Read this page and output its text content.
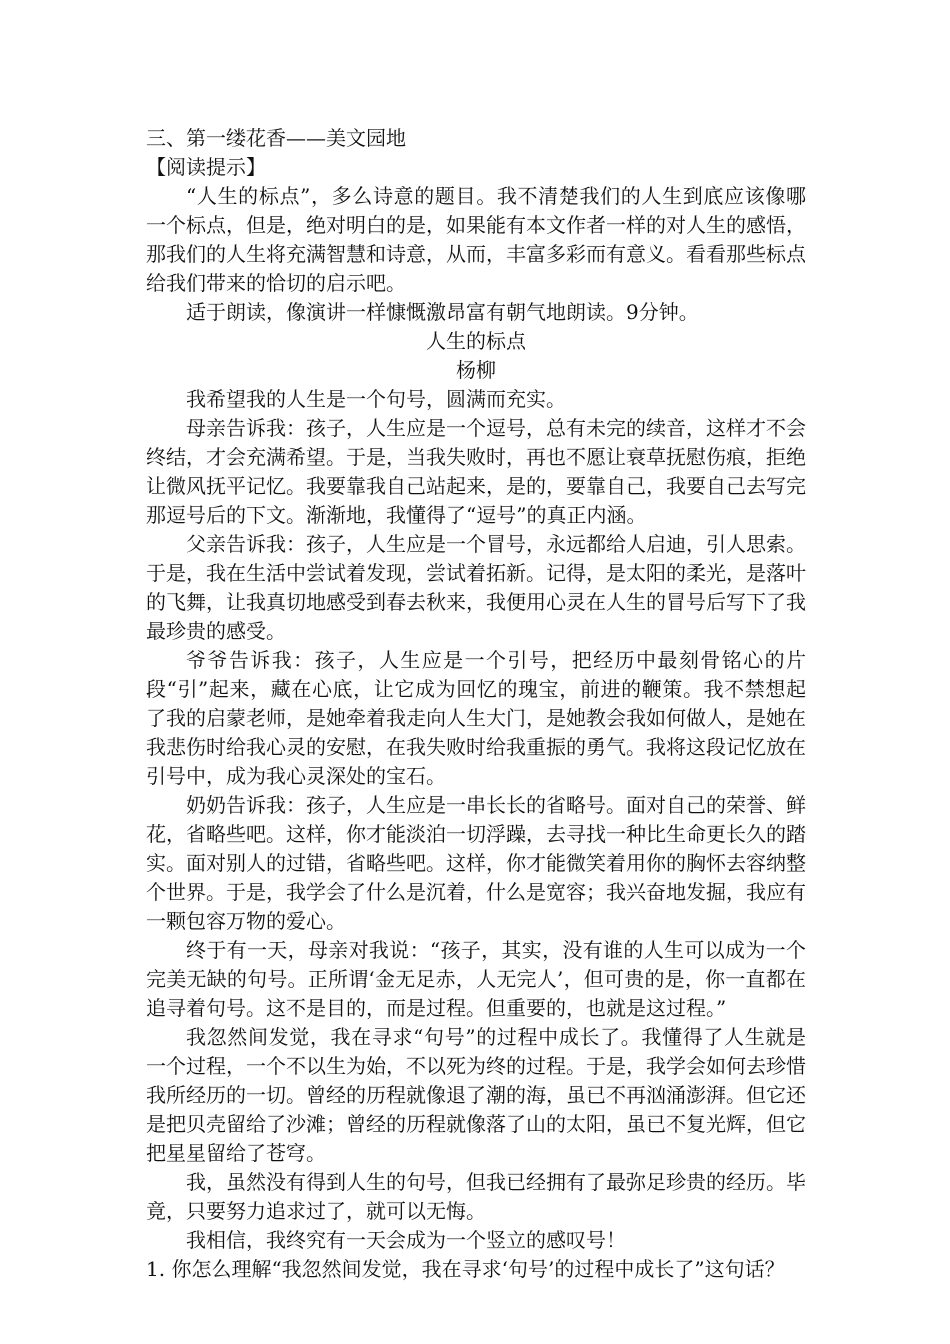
三、第一缕花香——美文园地

【阅读提示】

“人生的标点”，多么诗意的题目。我不清楚我们的人生到底应该像哪一个标点，但是，绝对明白的是，如果能有本文作者一样的对人生的感悟，那我们的人生将充满智慧和诗意，从而，丰富多彩而有意义。看看那些标点给我们带来的恰切的启示吧。

适于朗读，像演讲一样慷慨激昂富有朝气地朗读。9分钟。

人生的标点

杨柳

我希望我的人生是一个句号，圆满而充实。

母亲告诉我：孩子，人生应是一个逗号，总有未完的续音，这样才不会终结，才会充满希望。于是，当我失败时，再也不愿让衰草抚慰伤痕，拒绝让微风抚平记忆。我要靠我自己站起来，是的，要靠自己，我要自己去写完那逗号后的下文。渐渐地，我懂得了“逗号”的真正内涵。

父亲告诉我：孩子，人生应是一个冒号，永远都给人启迪，引人思索。于是，我在生活中尝试着发现，尝试着拓新。记得，是太阳的柔光，是落叶的飞舞，让我真切地感受到春去秋来，我便用心灵在人生的冒号后写下了我最珍贵的感受。

爷爷告诉我：孩子，人生应是一个引号，把经历中最刻骨铭心的片段“引”起来，藏在心底，让它成为回忆的瑰宝，前进的鞭策。我不禁想起了我的启蒙老师，是她牵着我走向人生大门，是她教会我如何做人，是她在我悲伤时给我心灵的安慰，在我失败时给我重振的勇气。我将这段记忆放在引号中，成为我心灵深处的宝石。

奶奶告诉我：孩子，人生应是一串长长的省略号。面对自己的荣誉、鲜花，省略些吧。这样，你才能淡泊一切浮躁，去寻找一种比生命更长久的踏实。面对别人的过错，省略些吧。这样，你才能微笑着用你的胸怀去容纳整个世界。于是，我学会了什么是沉着，什么是宽容；我兴奋地发掘，我应有一颗包容万物的爱心。

终于有一天，母亲对我说：“孩子，其实，没有谁的人生可以成为一个完美无缺的句号。正所谓‘金无足赤，人无完人’，但可贵的是，你一直都在追寻着句号。这不是目的，而是过程。但重要的，也就是这过程。”

我忽然间发觉，我在寻求“句号”的过程中成长了。我懂得了人生就是一个过程，一个不以生为始，不以死为终的过程。于是，我学会如何去珍惜我所经历的一切。曾经的历程就像退了潮的海，虽已不再汹涌澎湃。但它还是把贝壳留给了沙滩；曾经的历程就像落了山的太阳，虽已不复光辉，但它把星星留给了苍穹。

我，虽然没有得到人生的句号，但我已经拥有了最弥足珍贵的经历。毕竟，只要努力追求过了，就可以无悔。

我相信，我终究有一天会成为一个竖立的感叹号！

1. 你怎么理解“我忽然间发觉，我在寻求‘句号’的过程中成长了”这句话？
